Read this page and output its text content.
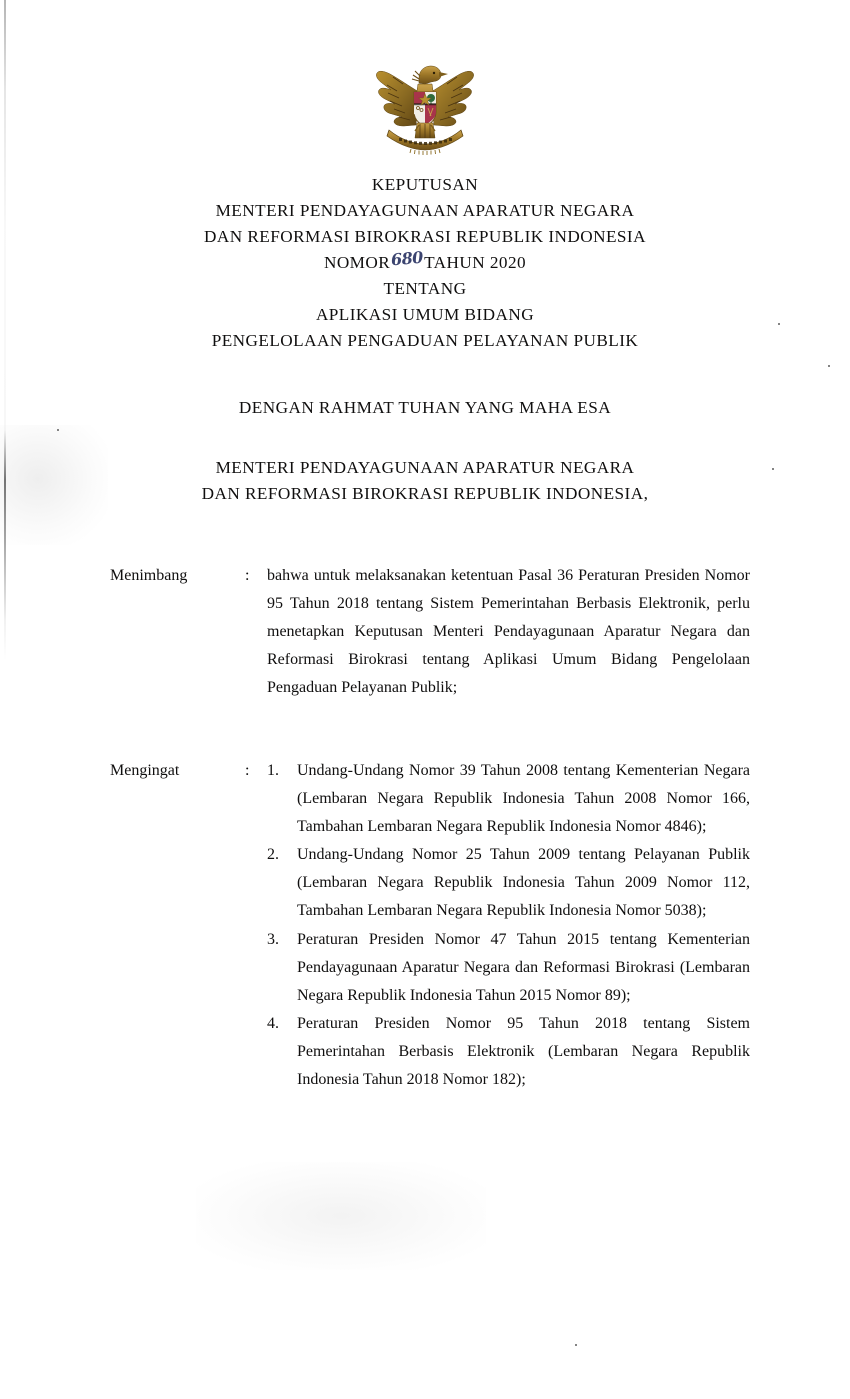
KEPUTUSAN
MENTERI PENDAYAGUNAAN APARATUR NEGARA
DAN REFORMASI BIROKRASI REPUBLIK INDONESIA
NOMOR680TAHUN 2020
TENTANG
APLIKASI UMUM BIDANG
PENGELOLAAN PENGADUAN PELAYANAN PUBLIK
DENGAN RAHMAT TUHAN YANG MAHA ESA
MENTERI PENDAYAGUNAAN APARATUR NEGARA
DAN REFORMASI BIROKRASI REPUBLIK INDONESIA,
Menimbang	:	bahwa untuk melaksanakan ketentuan Pasal 36 Peraturan Presiden Nomor 95 Tahun 2018 tentang Sistem Pemerintahan Berbasis Elektronik, perlu menetapkan Keputusan Menteri Pendayagunaan Aparatur Negara dan Reformasi Birokrasi tentang Aplikasi Umum Bidang Pengelolaan Pengaduan Pelayanan Publik;

Mengingat	:	1.	Undang-Undang Nomor 39 Tahun 2008 tentang Kementerian Negara (Lembaran Negara Republik Indonesia Tahun 2008 Nomor 166, Tambahan Lembaran Negara Republik Indonesia Nomor 4846);
2.	Undang-Undang Nomor 25 Tahun 2009 tentang Pelayanan Publik (Lembaran Negara Republik Indonesia Tahun 2009 Nomor 112, Tambahan Lembaran Negara Republik Indonesia Nomor 5038);
3.	Peraturan Presiden Nomor 47 Tahun 2015 tentang Kementerian Pendayagunaan Aparatur Negara dan Reformasi Birokrasi (Lembaran Negara Republik Indonesia Tahun 2015 Nomor 89);
4.	Peraturan Presiden Nomor 95 Tahun 2018 tentang Sistem Pemerintahan Berbasis Elektronik (Lembaran Negara Republik Indonesia Tahun 2018 Nomor 182);
